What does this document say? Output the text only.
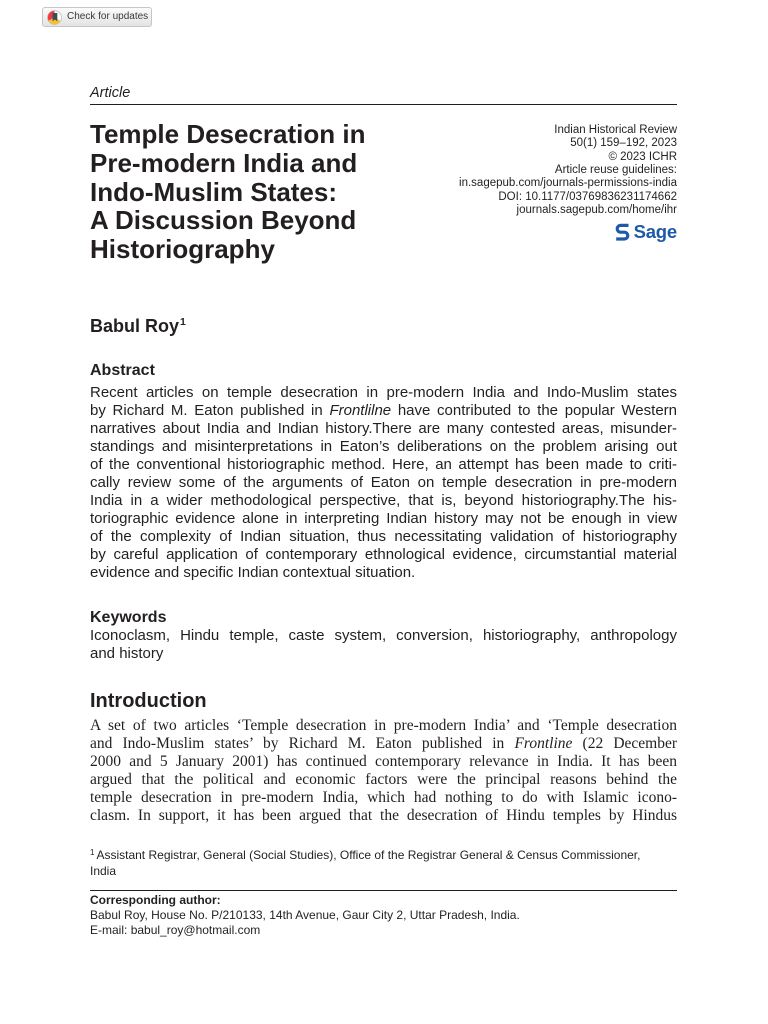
Check for updates
Article
Temple Desecration in
Pre-modern India and
Indo-Muslim States:
A Discussion Beyond
Historiography
Indian Historical Review
50(1) 159–192, 2023
© 2023 ICHR
Article reuse guidelines:
in.sagepub.com/journals-permissions-india
DOI: 10.1177/03769836231174662
journals.sagepub.com/home/ihr
Sage
Babul Roy$^1$
Abstract
Recent articles on temple desecration in pre-modern India and Indo-Muslim states
by Richard M. Eaton published in Frontlilne have contributed to the popular Western
narratives about India and Indian history.There are many contested areas, misunder-
standings and misinterpretations in Eaton’s deliberations on the problem arising out
of the conventional historiographic method. Here, an attempt has been made to criti-
cally review some of the arguments of Eaton on temple desecration in pre-modern
India in a wider methodological perspective, that is, beyond historiography.The his-
toriographic evidence alone in interpreting Indian history may not be enough in view
of the complexity of Indian situation, thus necessitating validation of historiography
by careful application of contemporary ethnological evidence, circumstantial material
evidence and specific Indian contextual situation.
Keywords
Iconoclasm, Hindu temple, caste system, conversion, historiography, anthropology
and history
Introduction
A set of two articles ‘Temple desecration in pre-modern India’ and ‘Temple desecration
and Indo-Muslim states’ by Richard M. Eaton published in Frontline (22 December
2000 and 5 January 2001) has continued contemporary relevance in India. It has been
argued that the political and economic factors were the principal reasons behind the
temple desecration in pre-modern India, which had nothing to do with Islamic icono-
clasm. In support, it has been argued that the desecration of Hindu temples by Hindus
$^1$ Assistant Registrar, General (Social Studies), Office of the Registrar General & Census Commissioner,
India
Corresponding author:
Babul Roy, House No. P/210133, 14th Avenue, Gaur City 2, Uttar Pradesh, India.
E-mail: babul_roy@hotmail.com
